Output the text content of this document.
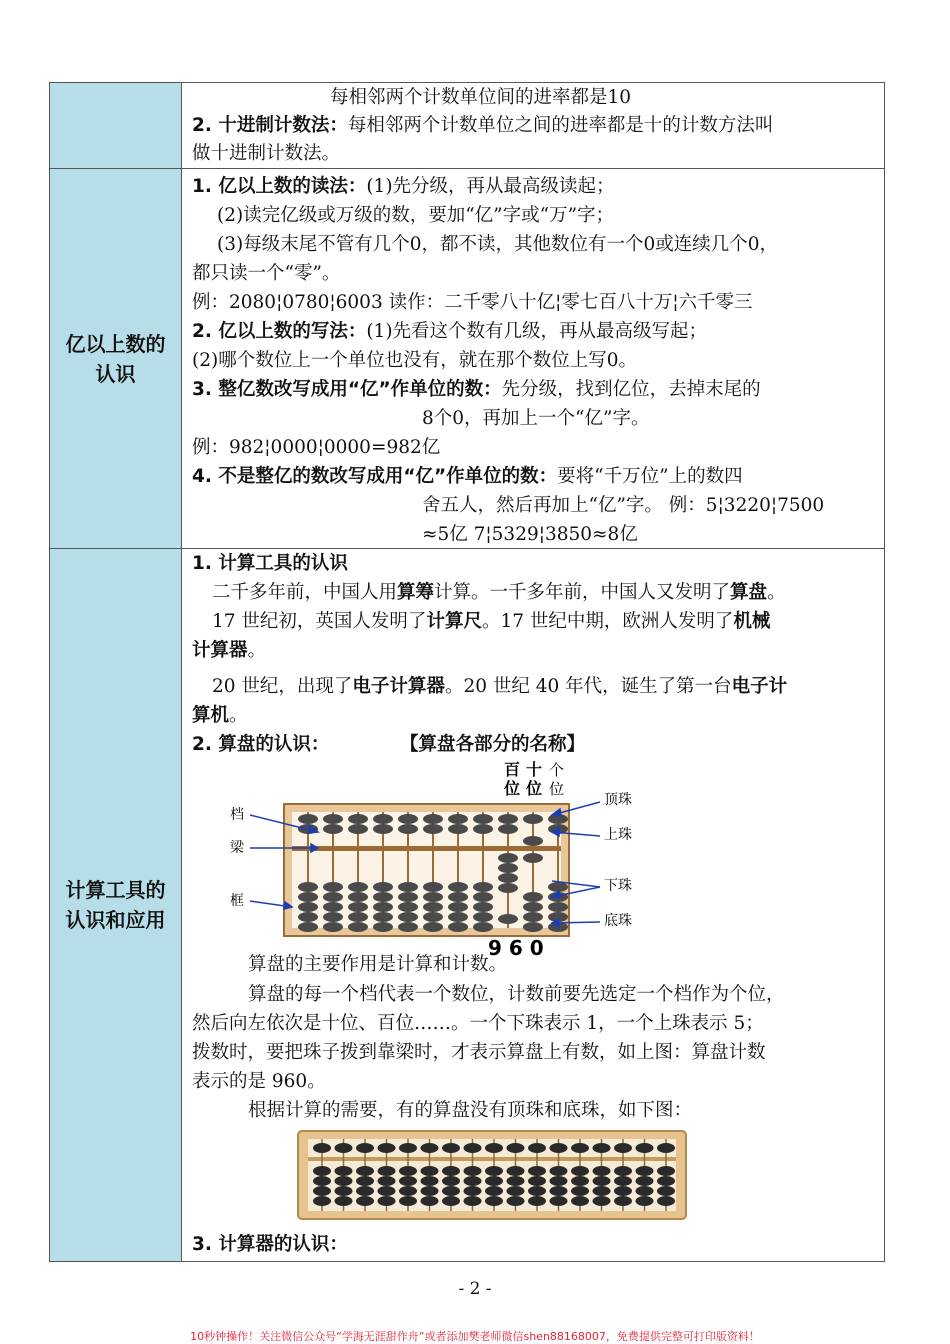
每相邻两个计数单位间的进率都是10
2. 十进制计数法：每相邻两个计数单位之间的进率都是十的计数方法叫
做十进制计数法。
亿以上数的
认识
1. 亿以上数的读法：(1)先分级，再从最高级读起；
(2)读完亿级或万级的数，要加“亿”字或“万”字；
(3)每级末尾不管有几个0，都不读，其他数位有一个0或连续几个0，
都只读一个“零”。
例：2080¦0780¦6003 读作：二千零八十亿¦零七百八十万¦六千零三
2. 亿以上数的写法：(1)先看这个数有几级，再从最高级写起；
(2)哪个数位上一个单位也没有，就在那个数位上写0。
3. 整亿数改写成用“亿”作单位的数：先分级，找到亿位，去掉末尾的
8个0，再加上一个“亿”字。
例：982¦0000¦0000=982亿
4. 不是整亿的数改写成用“亿”作单位的数：要将“千万位”上的数四
舍五人，然后再加上“亿”字。 例：5¦3220¦7500
≈5亿 7¦5329¦3850≈8亿
计算工具的
认识和应用
1. 计算工具的认识
二千多年前，中国人用算筹计算。一千多年前，中国人又发明了算盘。
17 世纪初，英国人发明了计算尺。17 世纪中期，欧洲人发明了机械
计算器。
20 世纪，出现了电子计算器。20 世纪 40 年代，诞生了第一台电子计
算机。
2. 算盘的认识：	【算盘各部分的名称】
百 十 个
位 位 位
档
梁
框
顶珠
上珠
下珠
底珠
9 6 0
算盘的主要作用是计算和计数。
算盘的每一个档代表一个数位，计数前要先选定一个档作为个位，
然后向左依次是十位、百位……。一个下珠表示 1，一个上珠表示 5；
拨数时，要把珠子拨到靠梁时，才表示算盘上有数，如上图：算盘计数
表示的是 960。
根据计算的需要，有的算盘没有顶珠和底珠，如下图：
3. 计算器的认识：
- 2 -
10秒钟操作！关注微信公众号“学海无涯甜作舟”或者添加樊老师微信shen88168007，免费提供完整可打印版资料！
